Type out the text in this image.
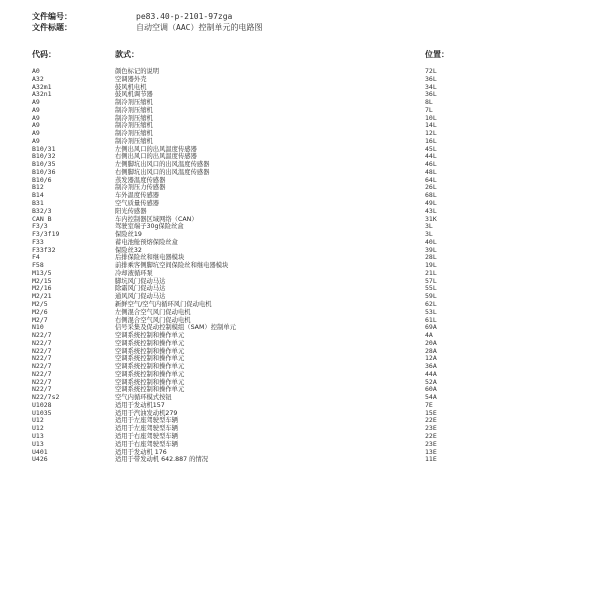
文件编号：	pe83.40-p-2101-97zga
文件标题：	自动空调（AAC）控制单元的电路图
代码：	款式：	位置：
A0	颜色标记的说明	72L
A32	空调器外壳	36L
A32m1	鼓风机电机	34L
A32n1	鼓风机调节器	36L
A9	制冷剂压缩机	8L
A9	制冷剂压缩机	7L
A9	制冷剂压缩机	10L
A9	制冷剂压缩机	14L
A9	制冷剂压缩机	12L
A9	制冷剂压缩机	16L
B10/31	左侧出风口的出风温度传感器	45L
B10/32	右侧出风口的出风温度传感器	44L
B10/35	左侧脚坑出风口的出风温度传感器	46L
B10/36	右侧脚坑出风口的出风温度传感器	48L
B10/6	蒸发器温度传感器	64L
B12	制冷剂压力传感器	26L
B14	车外温度传感器	68L
B31	空气质量传感器	49L
B32/3	阳光传感器	43L
CAN B	车内控制器区域网络（CAN）	31K
F3/3	驾驶室端子30g保险丝盒	3L
F3/3f19	保险丝19	3L
F33	蓄电池舱预熔保险丝盒	40L
F33f32	保险丝32	39L
F4	后排保险丝和继电器模块	28L
F58	前排乘客侧脚坑空间保险丝和继电器模块	19L
M13/5	冷却液循环泵	21L
M2/15	脚坑风门促动马达	57L
M2/16	除霜风门促动马达	55L
M2/21	通风风门促动马达	59L
M2/5	新鲜空气/空气内循环风门促动电机	62L
M2/6	左侧混合空气风门促动电机	53L
M2/7	右侧混合空气风门促动电机	61L
N10	信号采集及促动控制模组（SAM）控制单元	69A
N22/7	空调系统控制和操作单元	4A
N22/7	空调系统控制和操作单元	20A
N22/7	空调系统控制和操作单元	28A
N22/7	空调系统控制和操作单元	12A
N22/7	空调系统控制和操作单元	36A
N22/7	空调系统控制和操作单元	44A
N22/7	空调系统控制和操作单元	52A
N22/7	空调系统控制和操作单元	60A
N22/7s2	空气内循环模式按钮	54A
U1028	适用于发动机157	7E
U1035	适用于汽油发动机279	15E
U12	适用于左座驾驶型车辆	22E
U12	适用于左座驾驶型车辆	23E
U13	适用于右座驾驶型车辆	22E
U13	适用于右座驾驶型车辆	23E
U401	适用于发动机 176	13E
U426	适用于带发动机 642.887 的情况	11E
